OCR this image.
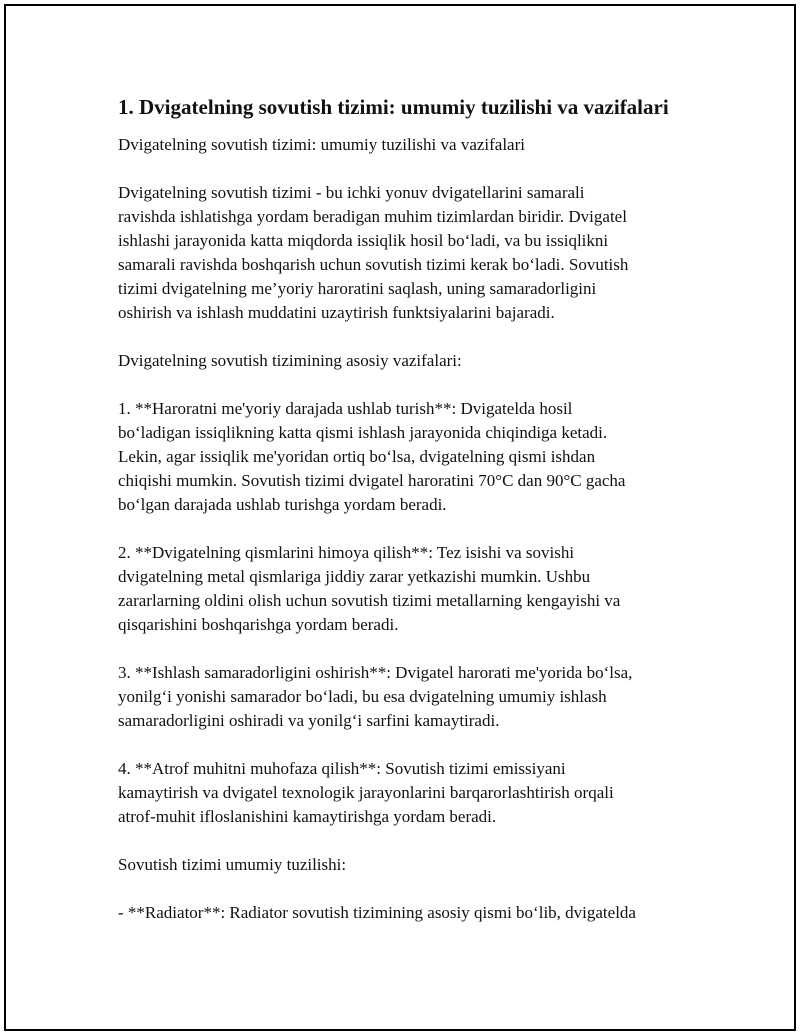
1. Dvigatelning sovutish tizimi: umumiy tuzilishi va vazifalari

Dvigatelning sovutish tizimi: umumiy tuzilishi va vazifalari

Dvigatelning sovutish tizimi - bu ichki yonuv dvigatellarini samarali
ravishda ishlatishga yordam beradigan muhim tizimlardan biridir. Dvigatel
ishlashi jarayonida katta miqdorda issiqlik hosil bo‘ladi, va bu issiqlikni
samarali ravishda boshqarish uchun sovutish tizimi kerak bo‘ladi. Sovutish
tizimi dvigatelning me’yoriy haroratini saqlash, uning samaradorligini
oshirish va ishlash muddatini uzaytirish funktsiyalarini bajaradi.

Dvigatelning sovutish tizimining asosiy vazifalari:

1. **Haroratni me'yoriy darajada ushlab turish**: Dvigatelda hosil
bo‘ladigan issiqlikning katta qismi ishlash jarayonida chiqindiga ketadi.
Lekin, agar issiqlik me'yoridan ortiq bo‘lsa, dvigatelning qismi ishdan
chiqishi mumkin. Sovutish tizimi dvigatel haroratini 70°C dan 90°C gacha
bo‘lgan darajada ushlab turishga yordam beradi.

2. **Dvigatelning qismlarini himoya qilish**: Tez isishi va sovishi
dvigatelning metal qismlariga jiddiy zarar yetkazishi mumkin. Ushbu
zararlarning oldini olish uchun sovutish tizimi metallarning kengayishi va
qisqarishini boshqarishga yordam beradi.

3. **Ishlash samaradorligini oshirish**: Dvigatel harorati me'yorida bo‘lsa,
yonilg‘i yonishi samarador bo‘ladi, bu esa dvigatelning umumiy ishlash
samaradorligini oshiradi va yonilg‘i sarfini kamaytiradi.

4. **Atrof muhitni muhofaza qilish**: Sovutish tizimi emissiyani
kamaytirish va dvigatel texnologik jarayonlarini barqarorlashtirish orqali
atrof-muhit ifloslanishini kamaytirishga yordam beradi.

Sovutish tizimi umumiy tuzilishi:

- **Radiator**: Radiator sovutish tizimining asosiy qismi bo‘lib, dvigatelda
